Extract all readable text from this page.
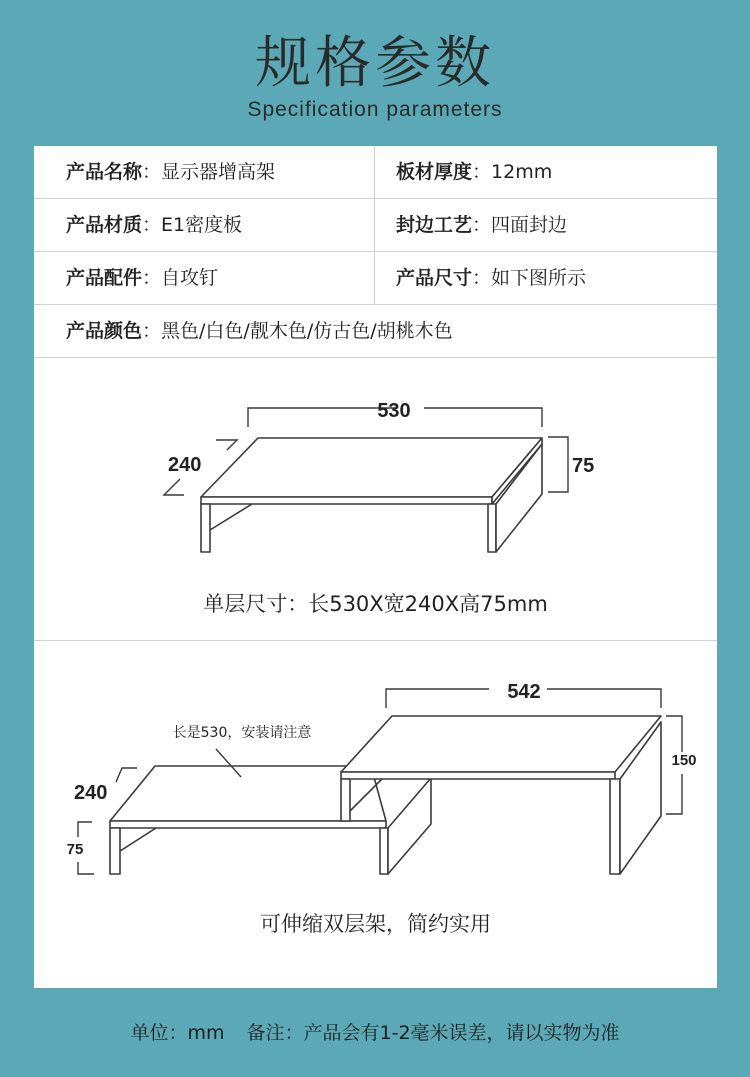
规格参数
Specification parameters
产品名称：显示器增高架	板材厚度：12mm
产品材质：E1密度板	封边工艺：四面封边
产品配件：自攻钉	产品尺寸：如下图所示
产品颜色：黑色/白色/靓木色/仿古色/胡桃木色
530
75
240
单层尺寸：长530X宽240X高75mm
542
150
240
75
长是530，安装请注意
可伸缩双层架，简约实用
单位：mm 备注：产品会有1-2毫米误差，请以实物为准
